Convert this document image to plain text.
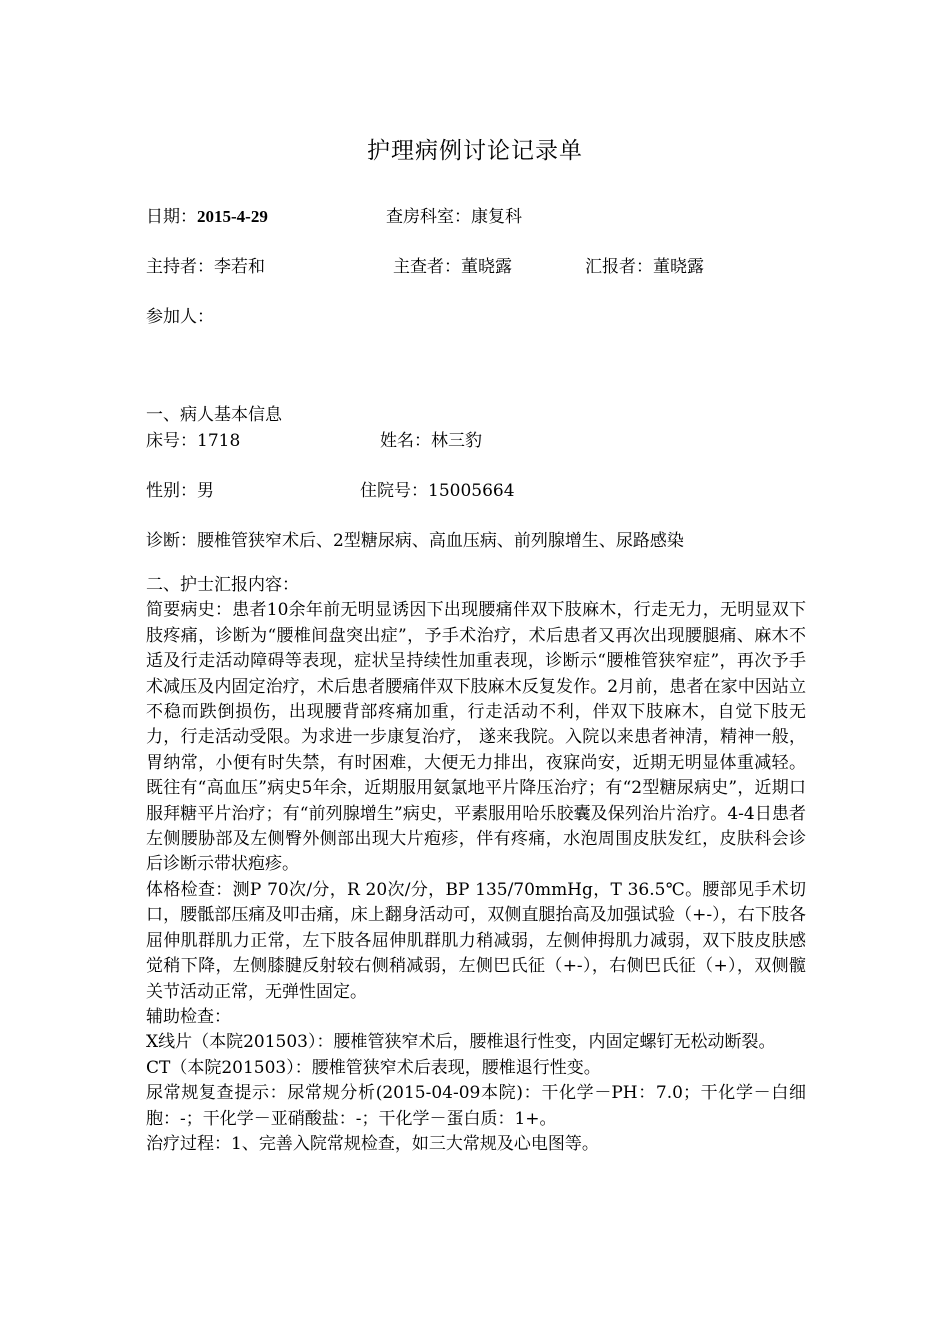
护理病例讨论记录单
日期：2015-4-29	查房科室：康复科
主持者：李若和	主查者：董晓露	汇报者：董晓露
参加人：
一、病人基本信息
床号：1718	姓名：林三豹
性别：男	住院号：15005664
诊断：腰椎管狭窄术后、2型糖尿病、高血压病、前列腺增生、尿路感染

二、护士汇报内容：

简要病史：患者10余年前无明显诱因下出现腰痛伴双下肢麻木，行走无力，无明显双下肢疼痛，诊断为“腰椎间盘突出症”，予手术治疗，术后患者又再次出现腰腿痛、麻木不适及行走活动障碍等表现，症状呈持续性加重表现，诊断示“腰椎管狭窄症”，再次予手术减压及内固定治疗，术后患者腰痛伴双下肢麻木反复发作。2月前，患者在家中因站立不稳而跌倒损伤，出现腰背部疼痛加重，行走活动不利，伴双下肢麻木，自觉下肢无力，行走活动受限。为求进一步康复治疗， 遂来我院。入院以来患者神清，精神一般，胃纳常，小便有时失禁，有时困难，大便无力排出，夜寐尚安，近期无明显体重减轻。既往有“高血压”病史5年余，近期服用氨氯地平片降压治疗；有“2型糖尿病史”，近期口服拜糖平片治疗；有“前列腺增生”病史，平素服用哈乐胶囊及保列治片治疗。4-4日患者左侧腰胁部及左侧臀外侧部出现大片疱疹，伴有疼痛，水泡周围皮肤发红，皮肤科会诊后诊断示带状疱疹。

体格检查：测P 70次/分，R 20次/分，BP 135/70mmHg，T 36.5℃。腰部见手术切口，腰骶部压痛及叩击痛，床上翻身活动可，双侧直腿抬高及加强试验（+-），右下肢各屈伸肌群肌力正常，左下肢各屈伸肌群肌力稍减弱，左侧伸拇肌力减弱，双下肢皮肤感觉稍下降，左侧膝腱反射较右侧稍减弱，左侧巴氏征（+-），右侧巴氏征（+），双侧髋关节活动正常，无弹性固定。

辅助检查：

X线片（本院201503）：腰椎管狭窄术后，腰椎退行性变，内固定螺钉无松动断裂。

CT（本院201503）：腰椎管狭窄术后表现，腰椎退行性变。

尿常规复查提示：尿常规分析(2015-04-09本院)：干化学－PH：7.0；干化学－白细胞：-；干化学－亚硝酸盐：-；干化学－蛋白质：1+。

治疗过程：1、完善入院常规检查，如三大常规及心电图等。
